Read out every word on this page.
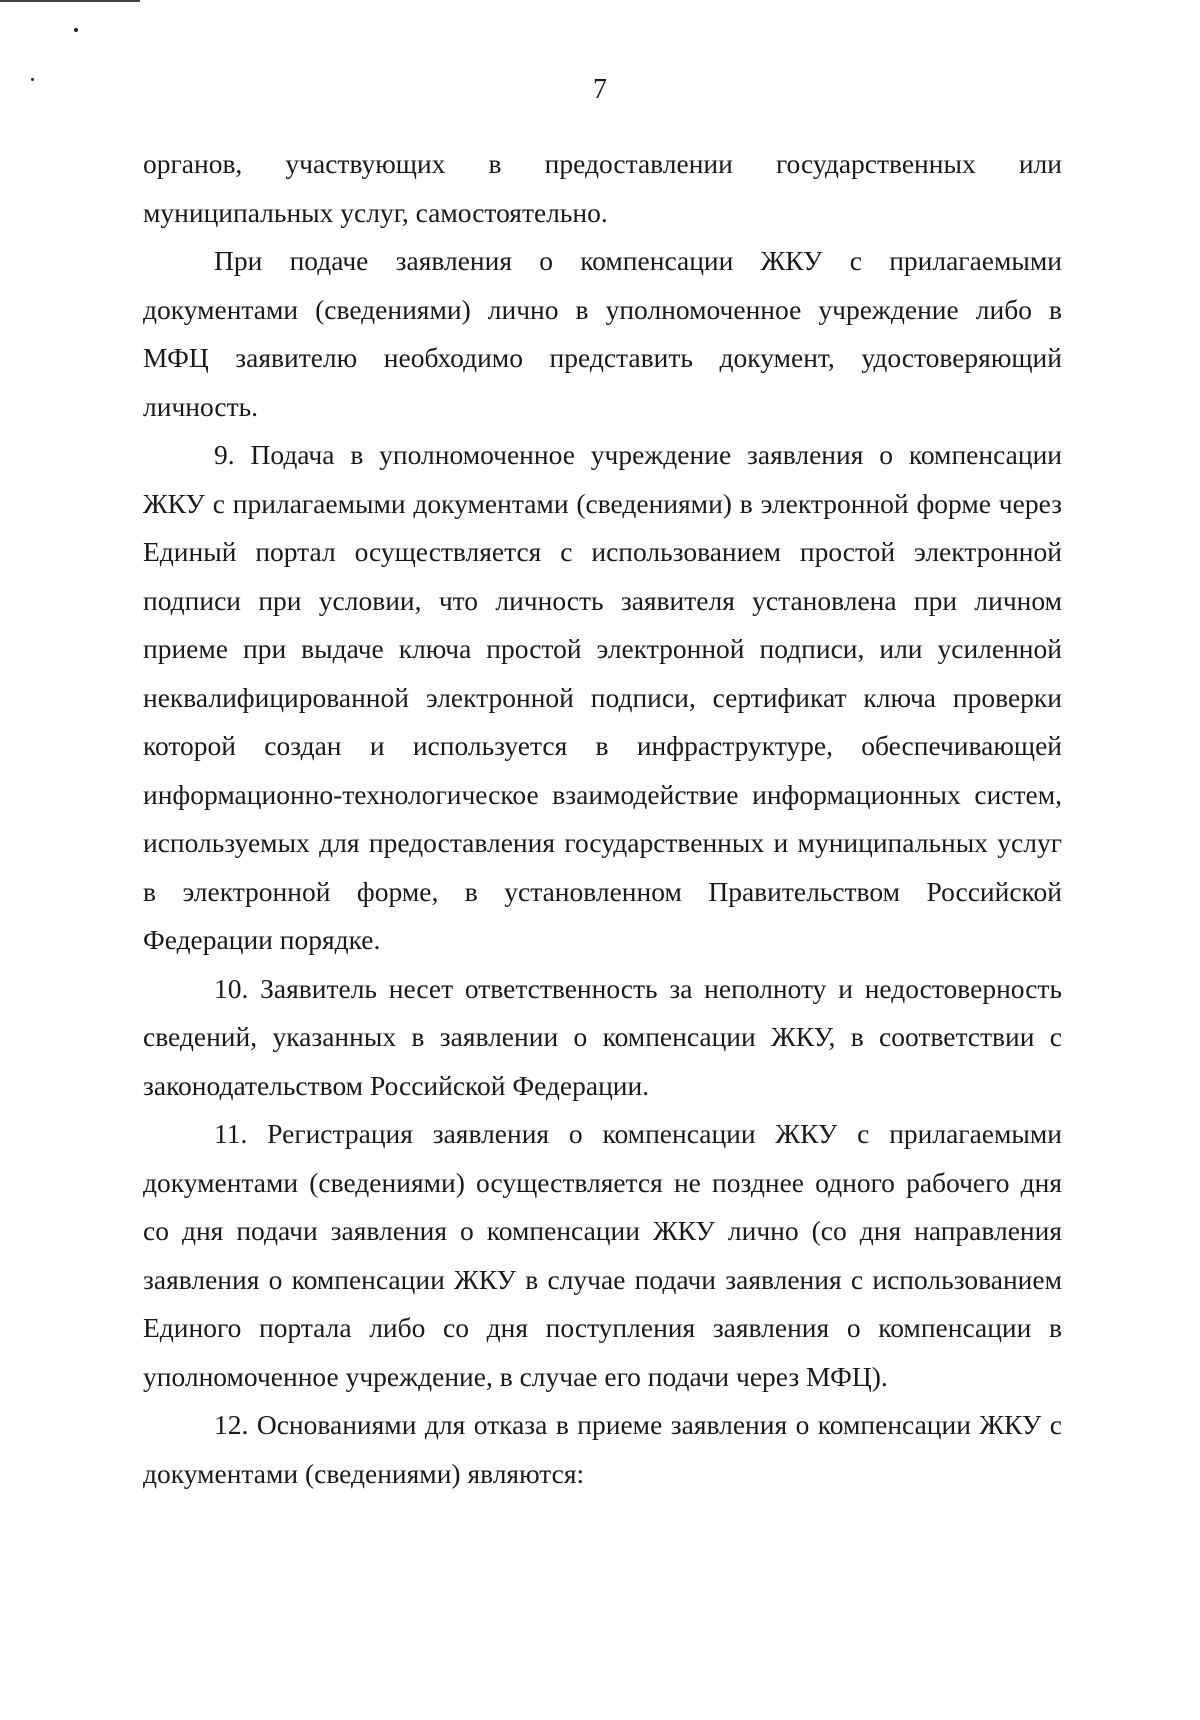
7

органов, участвующих в предоставлении государственных или муниципальных услуг, самостоятельно.

При подаче заявления о компенсации ЖКУ с прилагаемыми документами (сведениями) лично в уполномоченное учреждение либо в МФЦ заявителю необходимо представить документ, удостоверяющий личность.

9. Подача в уполномоченное учреждение заявления о компенсации ЖКУ с прилагаемыми документами (сведениями) в электронной форме через Единый портал осуществляется с использованием простой электронной подписи при условии, что личность заявителя установлена при личном приеме при выдаче ключа простой электронной подписи, или усиленной неквалифицированной электронной подписи, сертификат ключа проверки которой создан и используется в инфраструктуре, обеспечивающей информационно-технологическое взаимодействие информационных систем, используемых для предоставления государственных и муниципальных услуг в электронной форме, в установленном Правительством Российской Федерации порядке.

10. Заявитель несет ответственность за неполноту и недостоверность сведений, указанных в заявлении о компенсации ЖКУ, в соответствии с законодательством Российской Федерации.

11. Регистрация заявления о компенсации ЖКУ с прилагаемыми документами (сведениями) осуществляется не позднее одного рабочего дня со дня подачи заявления о компенсации ЖКУ лично (со дня направления заявления о компенсации ЖКУ в случае подачи заявления с использованием Единого портала либо со дня поступления заявления о компенсации в уполномоченное учреждение, в случае его подачи через МФЦ).

12. Основаниями для отказа в приеме заявления о компенсации ЖКУ с документами (сведениями) являются:
